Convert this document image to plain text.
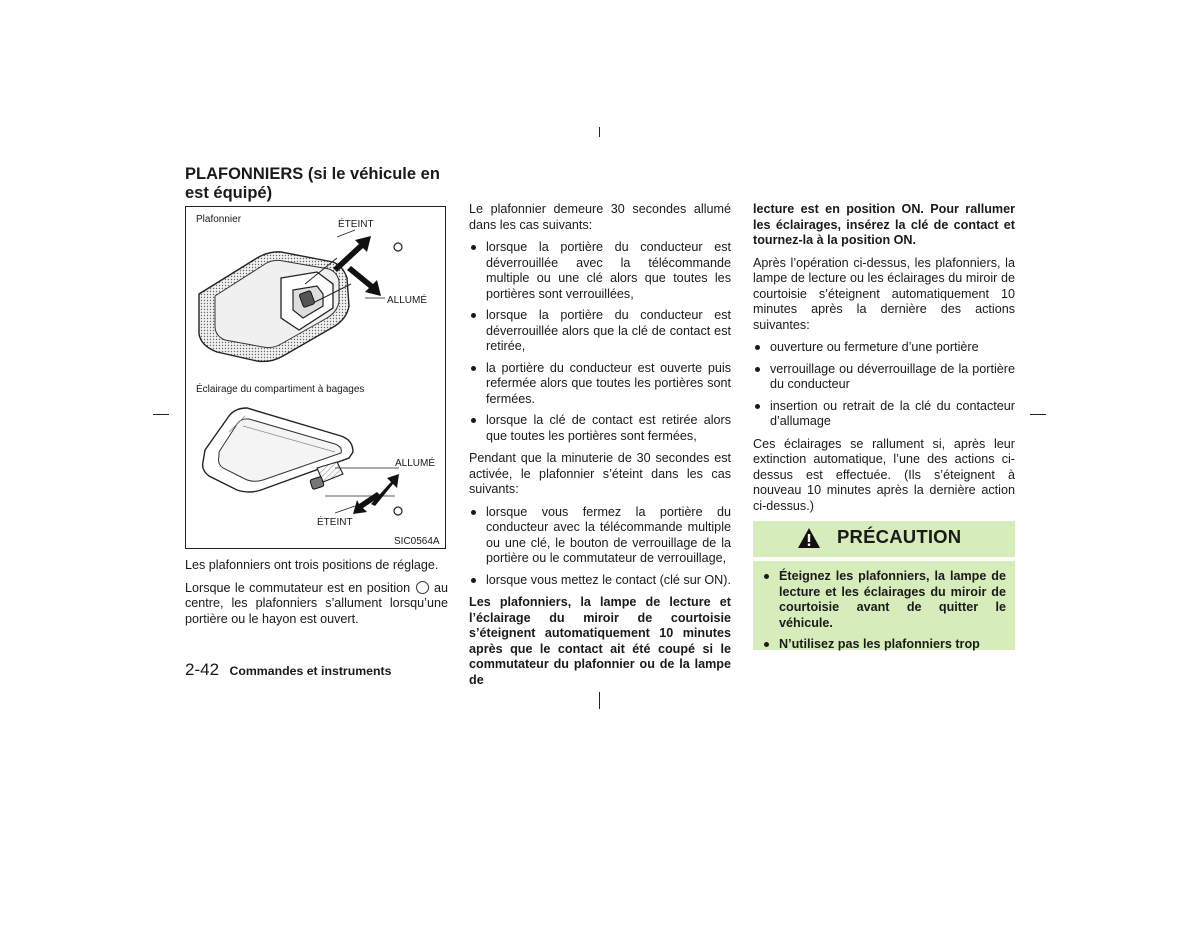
PLAFONNIERS (si le véhicule en est équipé)
Plafonnier	ÉTEINT
ALLUMÉ
Éclairage du compartiment à bagages
ALLUMÉ
ÉTEINT
SIC0564A

Les plafonniers ont trois positions de réglage.

Lorsque le commutateur est en position au centre, les plafonniers s’allument lorsqu’une portière ou le hayon est ouvert.

Le plafonnier demeure 30 secondes allumé dans les cas suivants:

lorsque la portière du conducteur est déverrouillée avec la télécommande multiple ou une clé alors que toutes les portières sont verrouillées,
lorsque la portière du conducteur est déverrouillée alors que la clé de contact est retirée,
la portière du conducteur est ouverte puis refermée alors que toutes les portières sont fermées.
lorsque la clé de contact est retirée alors que toutes les portières sont fermées,

Pendant que la minuterie de 30 secondes est activée, le plafonnier s’éteint dans les cas suivants:

lorsque vous fermez la portière du conducteur avec la télécommande multiple ou une clé, le bouton de verrouillage de la portière ou le commutateur de verrouillage,
lorsque vous mettez le contact (clé sur ON).

Les plafonniers, la lampe de lecture et l’éclairage du miroir de courtoisie s’éteignent automatiquement 10 minutes après que le contact ait été coupé si le commutateur du plafonnier ou de la lampe de

lecture est en position ON. Pour rallumer les éclairages, insérez la clé de contact et tournez-la à la position ON.

Après l’opération ci-dessus, les plafonniers, la lampe de lecture ou les éclairages du miroir de courtoisie s’éteignent automatiquement 10 minutes après la dernière des actions suivantes:

ouverture ou fermeture d’une portière
verrouillage ou déverrouillage de la portière du conducteur
insertion ou retrait de la clé du contacteur d’allumage

Ces éclairages se rallument si, après leur extinction automatique, l’une des actions ci-dessus est effectuée. (Ils s’éteignent à nouveau 10 minutes après la dernière action ci-dessus.)

PRÉCAUTION
Éteignez les plafonniers, la lampe de lecture et les éclairages du miroir de courtoisie avant de quitter le véhicule.
N’utilisez pas les plafonniers trop
2-42 Commandes et instruments
